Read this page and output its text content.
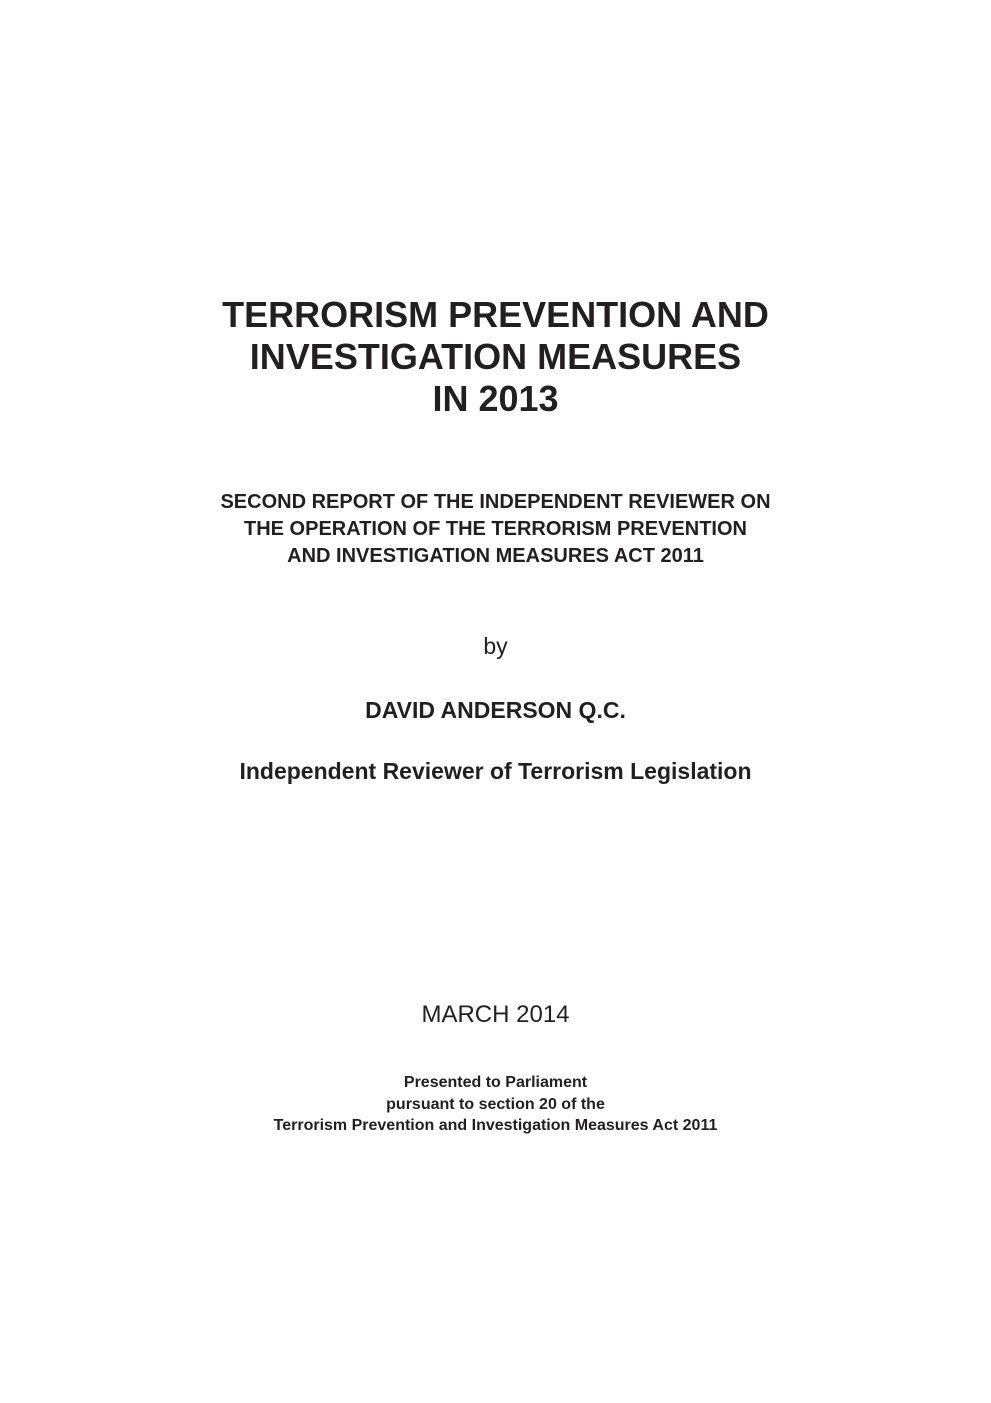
TERRORISM PREVENTION AND
INVESTIGATION MEASURES
IN 2013
SECOND REPORT OF THE INDEPENDENT REVIEWER ON
THE OPERATION OF THE TERRORISM PREVENTION
AND INVESTIGATION MEASURES ACT 2011
by
DAVID ANDERSON Q.C.
Independent Reviewer of Terrorism Legislation
MARCH 2014
Presented to Parliament
pursuant to section 20 of the
Terrorism Prevention and Investigation Measures Act 2011
